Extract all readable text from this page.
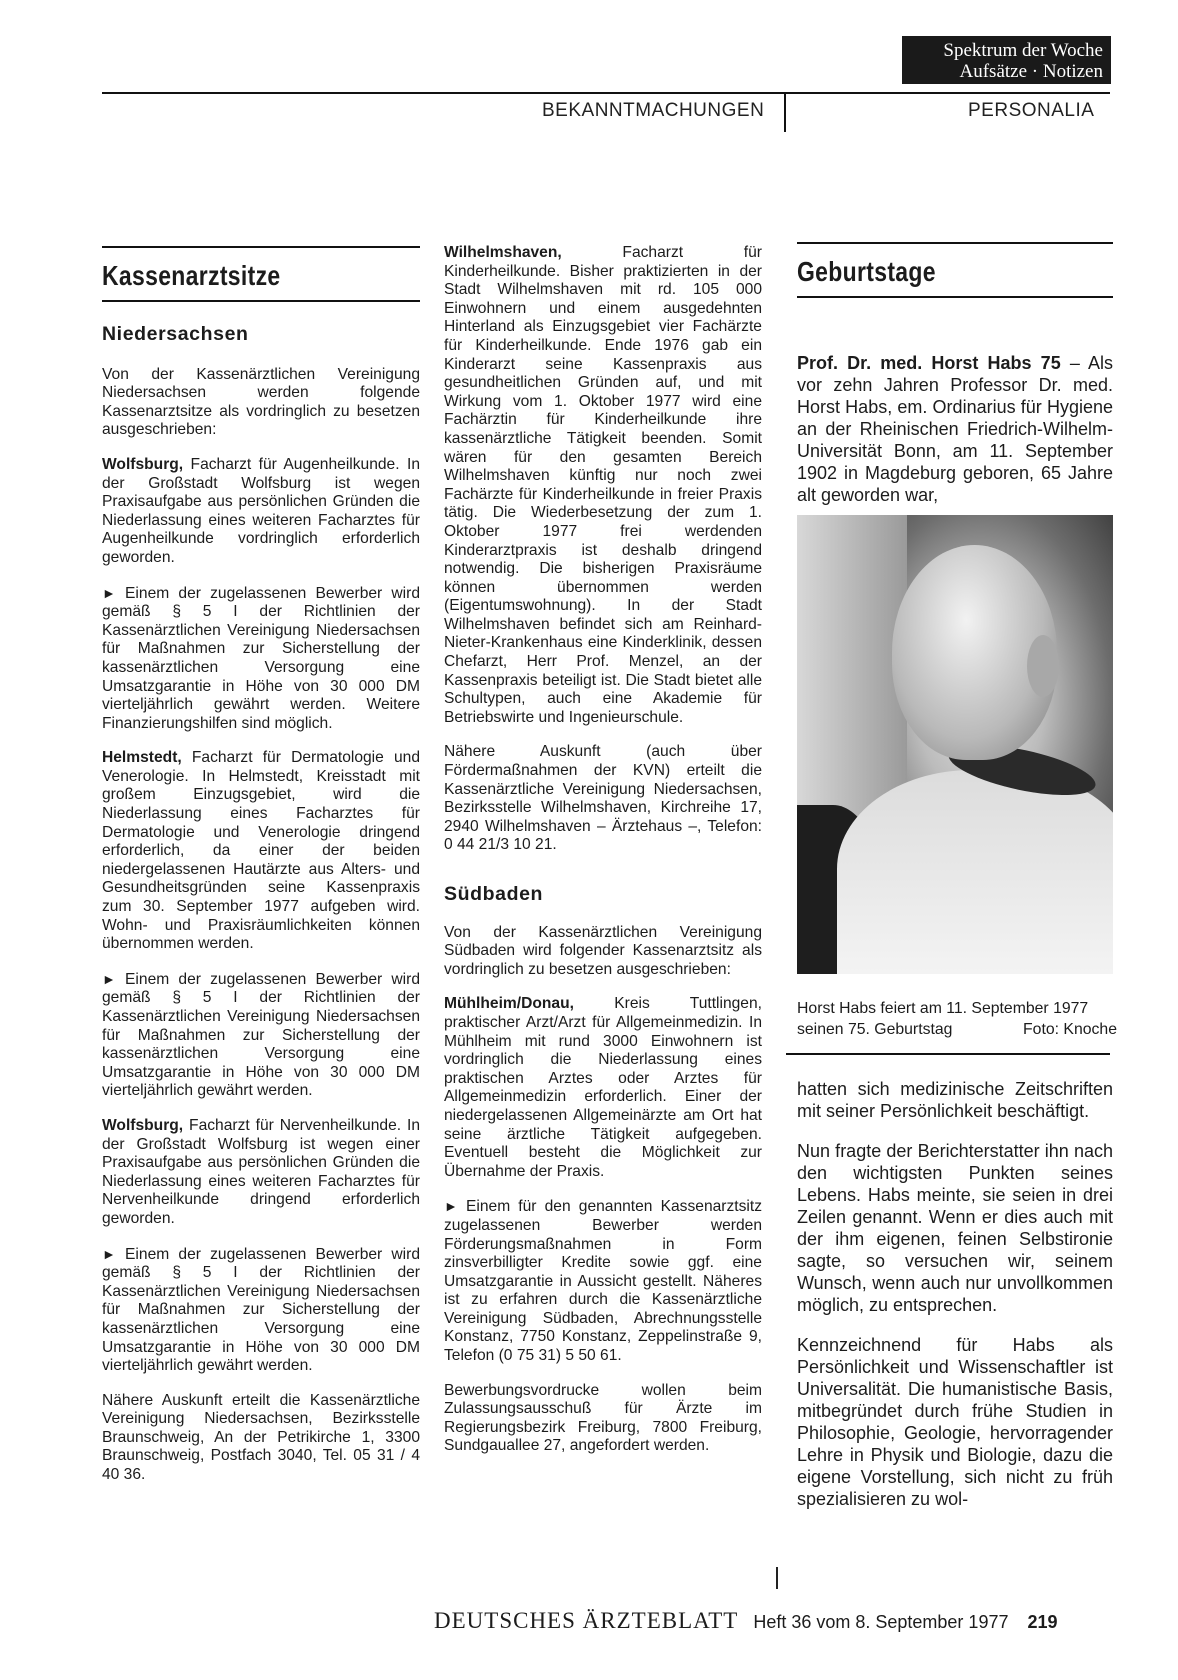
Spektrum der Woche
Aufsätze · Notizen
BEKANNTMACHUNGEN	PERSONALIA
Kassenarztsitze

Niedersachsen

Von der Kassenärztlichen Vereinigung Niedersachsen werden folgende Kassenarztsitze als vordringlich zu besetzen ausgeschrieben:

Wolfsburg, Facharzt für Augenheilkunde. In der Großstadt Wolfsburg ist wegen Praxisaufgabe aus persönlichen Gründen die Niederlassung eines weiteren Facharztes für Augenheilkunde vordringlich erforderlich geworden.

► Einem der zugelassenen Bewerber wird gemäß § 5 I der Richtlinien der Kassenärztlichen Vereinigung Niedersachsen für Maßnahmen zur Sicherstellung der kassenärztlichen Versorgung eine Umsatzgarantie in Höhe von 30 000 DM vierteljährlich gewährt werden. Weitere Finanzierungshilfen sind möglich.

Helmstedt, Facharzt für Dermatologie und Venerologie. In Helmstedt, Kreisstadt mit großem Einzugsgebiet, wird die Niederlassung eines Facharztes für Dermatologie und Venerologie dringend erforderlich, da einer der beiden niedergelassenen Hautärzte aus Alters- und Gesundheitsgründen seine Kassenpraxis zum 30. September 1977 aufgeben wird. Wohn- und Praxisräumlichkeiten können übernommen werden.

► Einem der zugelassenen Bewerber wird gemäß § 5 I der Richtlinien der Kassenärztlichen Vereinigung Niedersachsen für Maßnahmen zur Sicherstellung der kassenärztlichen Versorgung eine Umsatzgarantie in Höhe von 30 000 DM vierteljährlich gewährt werden.

Wolfsburg, Facharzt für Nervenheilkunde. In der Großstadt Wolfsburg ist wegen einer Praxisaufgabe aus persönlichen Gründen die Niederlassung eines weiteren Facharztes für Nervenheilkunde dringend erforderlich geworden.

► Einem der zugelassenen Bewerber wird gemäß § 5 I der Richtlinien der Kassenärztlichen Vereinigung Niedersachsen für Maßnahmen zur Sicherstellung der kassenärztlichen Versorgung eine Umsatzgarantie in Höhe von 30 000 DM vierteljährlich gewährt werden.

Nähere Auskunft erteilt die Kassenärztliche Vereinigung Niedersachsen, Bezirksstelle Braunschweig, An der Petrikirche 1, 3300 Braunschweig, Postfach 3040, Tel. 05 31 / 4 40 36.

Wilhelmshaven, Facharzt für Kinderheilkunde. Bisher praktizierten in der Stadt Wilhelmshaven mit rd. 105 000 Einwohnern und einem ausgedehnten Hinterland als Einzugsgebiet vier Fachärzte für Kinderheilkunde. Ende 1976 gab ein Kinderarzt seine Kassenpraxis aus gesundheitlichen Gründen auf, und mit Wirkung vom 1. Oktober 1977 wird eine Fachärztin für Kinderheilkunde ihre kassenärztliche Tätigkeit beenden. Somit wären für den gesamten Bereich Wilhelmshaven künftig nur noch zwei Fachärzte für Kinderheilkunde in freier Praxis tätig. Die Wiederbesetzung der zum 1. Oktober 1977 frei werdenden Kinderarztpraxis ist deshalb dringend notwendig. Die bisherigen Praxisräume können übernommen werden (Eigentumswohnung). In der Stadt Wilhelmshaven befindet sich am Reinhard-Nieter-Krankenhaus eine Kinderklinik, dessen Chefarzt, Herr Prof. Menzel, an der Kassenpraxis beteiligt ist. Die Stadt bietet alle Schultypen, auch eine Akademie für Betriebswirte und Ingenieurschule.

Nähere Auskunft (auch über Fördermaßnahmen der KVN) erteilt die Kassenärztliche Vereinigung Niedersachsen, Bezirksstelle Wilhelmshaven, Kirchreihe 17, 2940 Wilhelmshaven – Ärztehaus –, Telefon: 0 44 21/3 10 21.

Südbaden

Von der Kassenärztlichen Vereinigung Südbaden wird folgender Kassenarztsitz als vordringlich zu besetzen ausgeschrieben:

Mühlheim/Donau, Kreis Tuttlingen, praktischer Arzt/Arzt für Allgemeinmedizin. In Mühlheim mit rund 3000 Einwohnern ist vordringlich die Niederlassung eines praktischen Arztes oder Arztes für Allgemeinmedizin erforderlich. Einer der niedergelassenen Allgemeinärzte am Ort hat seine ärztliche Tätigkeit aufgegeben. Eventuell besteht die Möglichkeit zur Übernahme der Praxis.

► Einem für den genannten Kassenarztsitz zugelassenen Bewerber werden Förderungsmaßnahmen in Form zinsverbilligter Kredite sowie ggf. eine Umsatzgarantie in Aussicht gestellt. Näheres ist zu erfahren durch die Kassenärztliche Vereinigung Südbaden, Abrechnungsstelle Konstanz, 7750 Konstanz, Zeppelinstraße 9, Telefon (0 75 31) 5 50 61.

Bewerbungsvordrucke wollen beim Zulassungsausschuß für Ärzte im Regierungsbezirk Freiburg, 7800 Freiburg, Sundgauallee 27, angefordert werden.

Geburtstage

Prof. Dr. med. Horst Habs 75 – Als vor zehn Jahren Professor Dr. med. Horst Habs, em. Ordinarius für Hygiene an der Rheinischen Friedrich-Wilhelm-Universität Bonn, am 11. September 1902 in Magdeburg geboren, 65 Jahre alt geworden war,

Horst Habs feiert am 11. September 1977
seinen 75. Geburtstag	Foto: Knoche

hatten sich medizinische Zeitschriften mit seiner Persönlichkeit beschäftigt.

Nun fragte der Berichterstatter ihn nach den wichtigsten Punkten seines Lebens. Habs meinte, sie seien in drei Zeilen genannt. Wenn er dies auch mit der ihm eigenen, feinen Selbstironie sagte, so versuchen wir, seinem Wunsch, wenn auch nur unvollkommen möglich, zu entsprechen.

Kennzeichnend für Habs als Persönlichkeit und Wissenschaftler ist Universalität. Die humanistische Basis, mitbegründet durch frühe Studien in Philosophie, Geologie, hervorragender Lehre in Physik und Biologie, dazu die eigene Vorstellung, sich nicht zu früh spezialisieren zu wol-

DEUTSCHES ÄRZTEBLATT Heft 36 vom 8. September 1977 219
